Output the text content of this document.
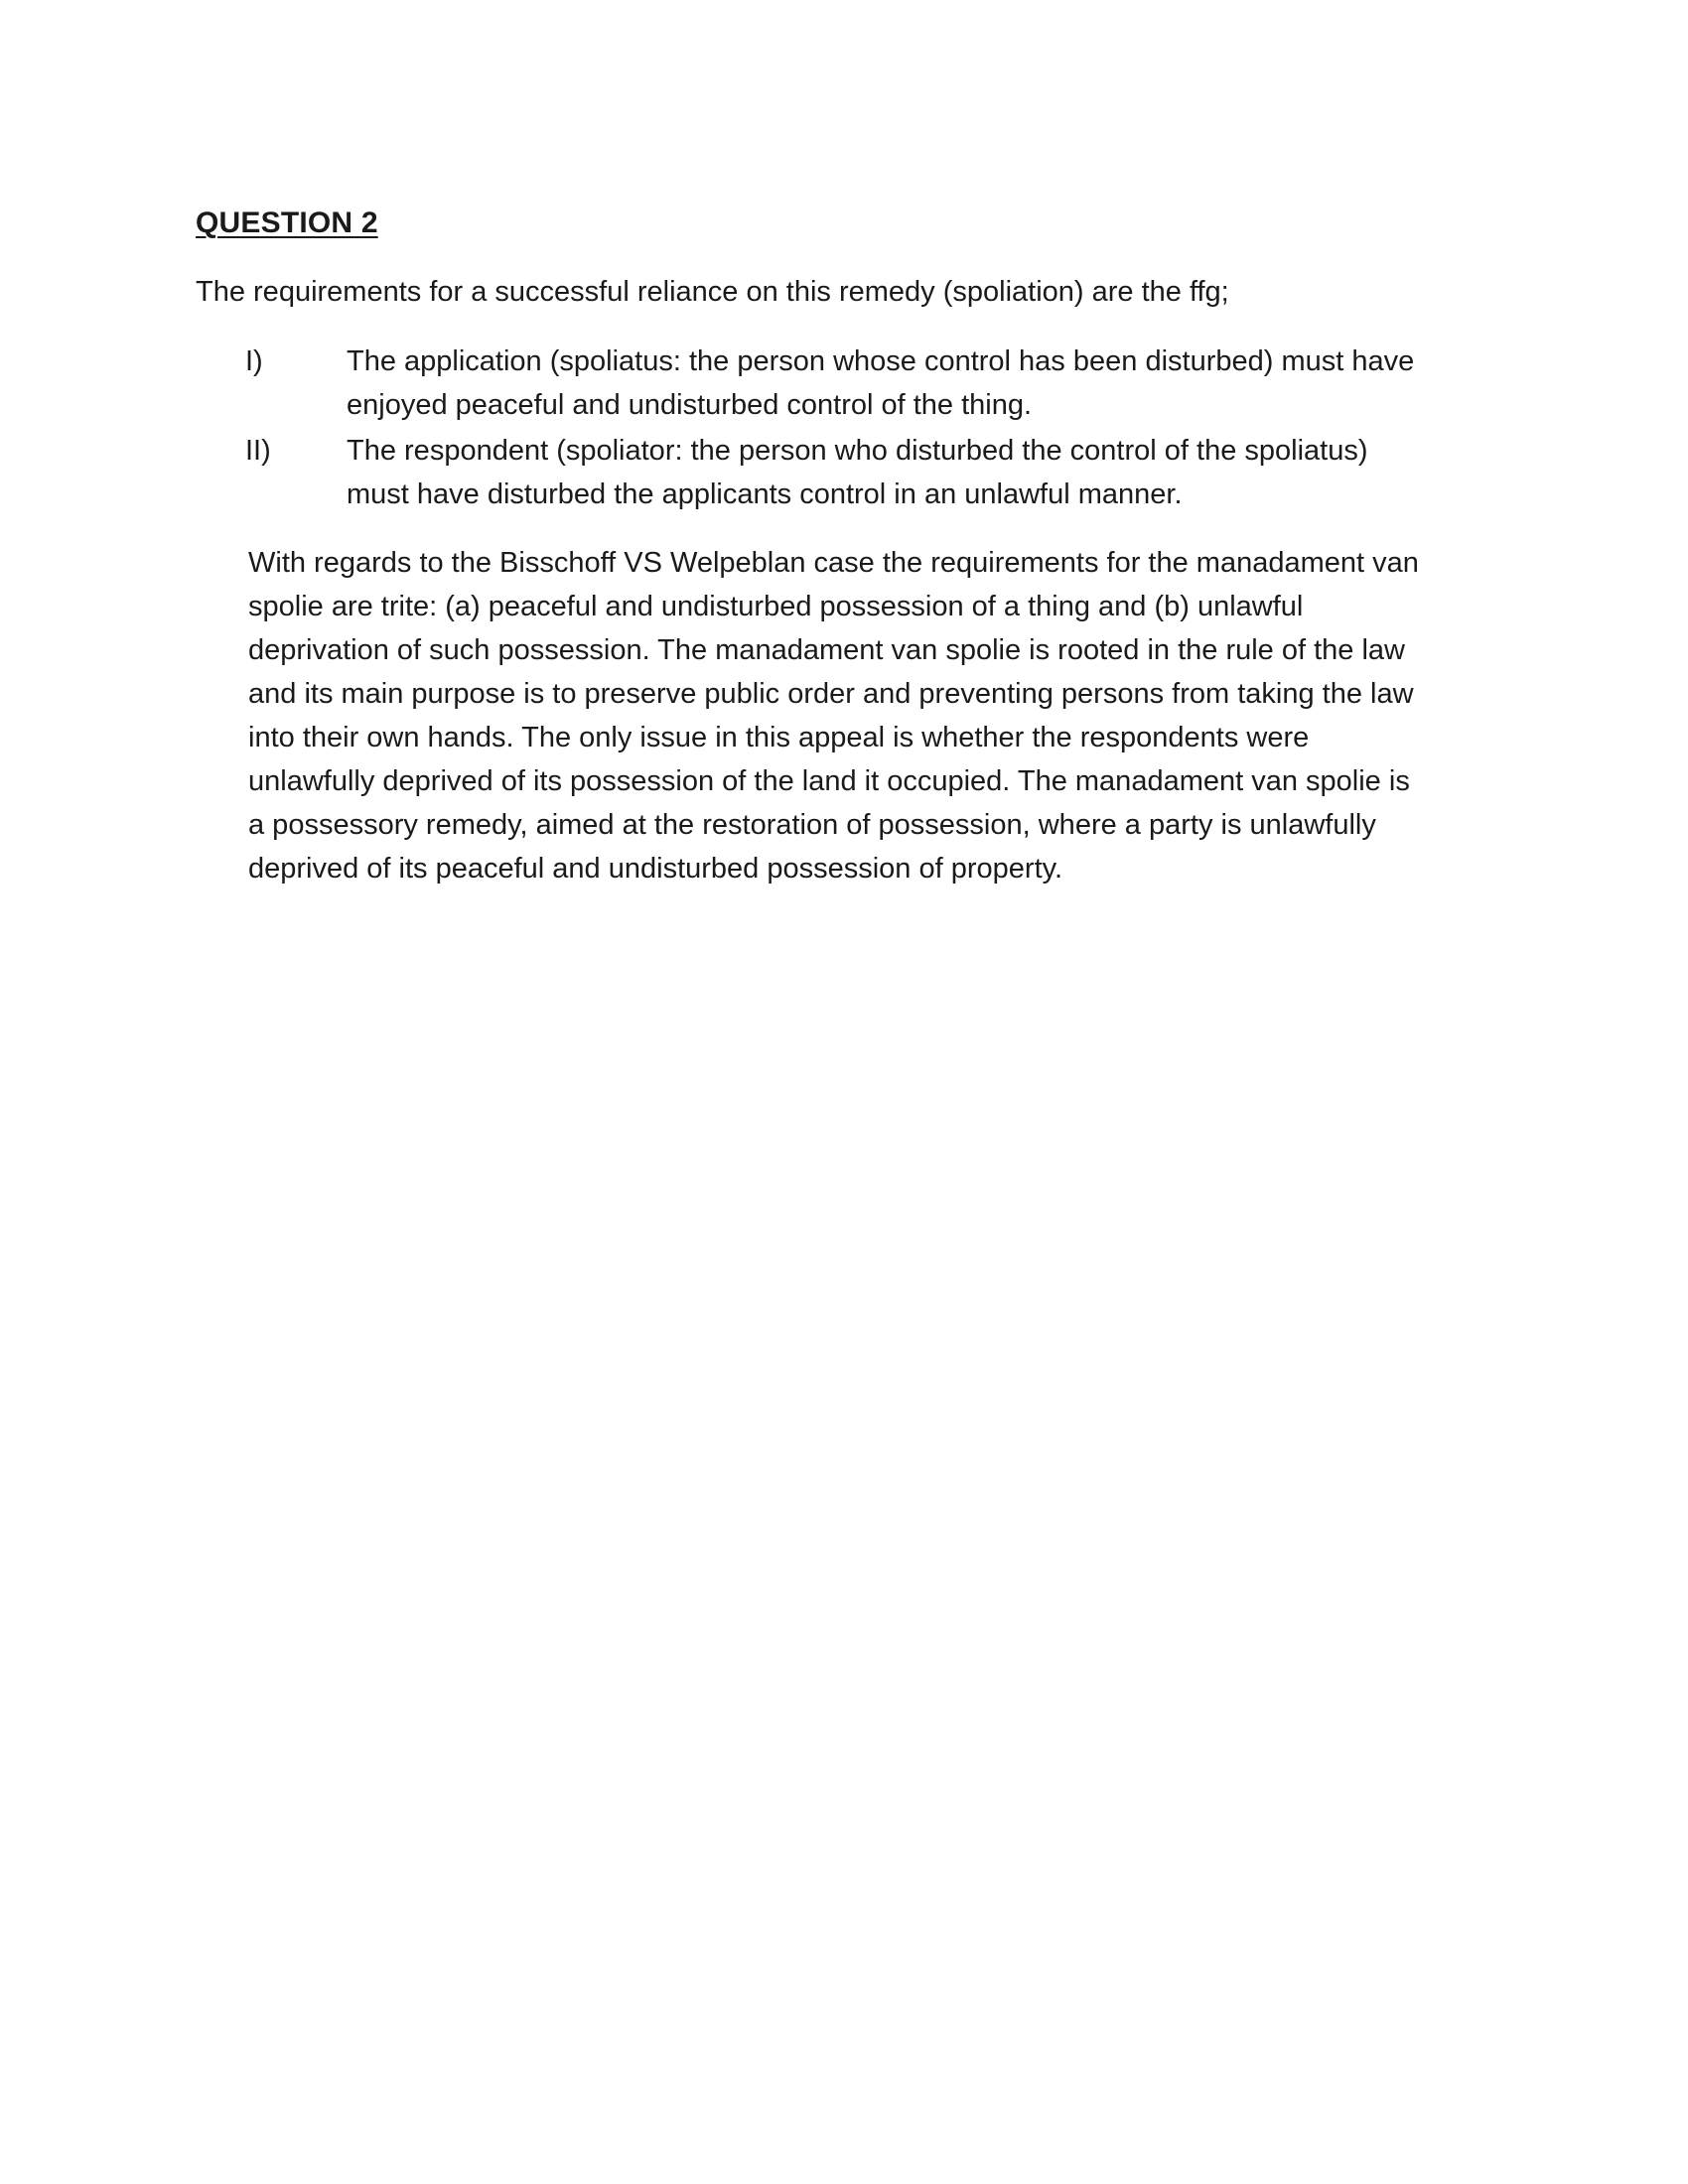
QUESTION 2
The requirements for a successful reliance on this remedy (spoliation) are the ffg;
I)	The application (spoliatus: the person whose control has been disturbed) must have
enjoyed peaceful and undisturbed control of the thing.
II)	The respondent (spoliator: the person who disturbed the control of the spoliatus)
must have disturbed the applicants control in an unlawful manner.
With regards to the Bisschoff VS Welpeblan case the requirements for the manadament van
spolie are trite: (a) peaceful and undisturbed possession of a thing and (b) unlawful
deprivation of such possession. The manadament van spolie is rooted in the rule of the law
and its main purpose is to preserve public order and preventing persons from taking the law
into their own hands. The only issue in this appeal is whether the respondents were
unlawfully deprived of its possession of the land it occupied. The manadament van spolie is
a possessory remedy, aimed at the restoration of possession, where a party is unlawfully
deprived of its peaceful and undisturbed possession of property.
